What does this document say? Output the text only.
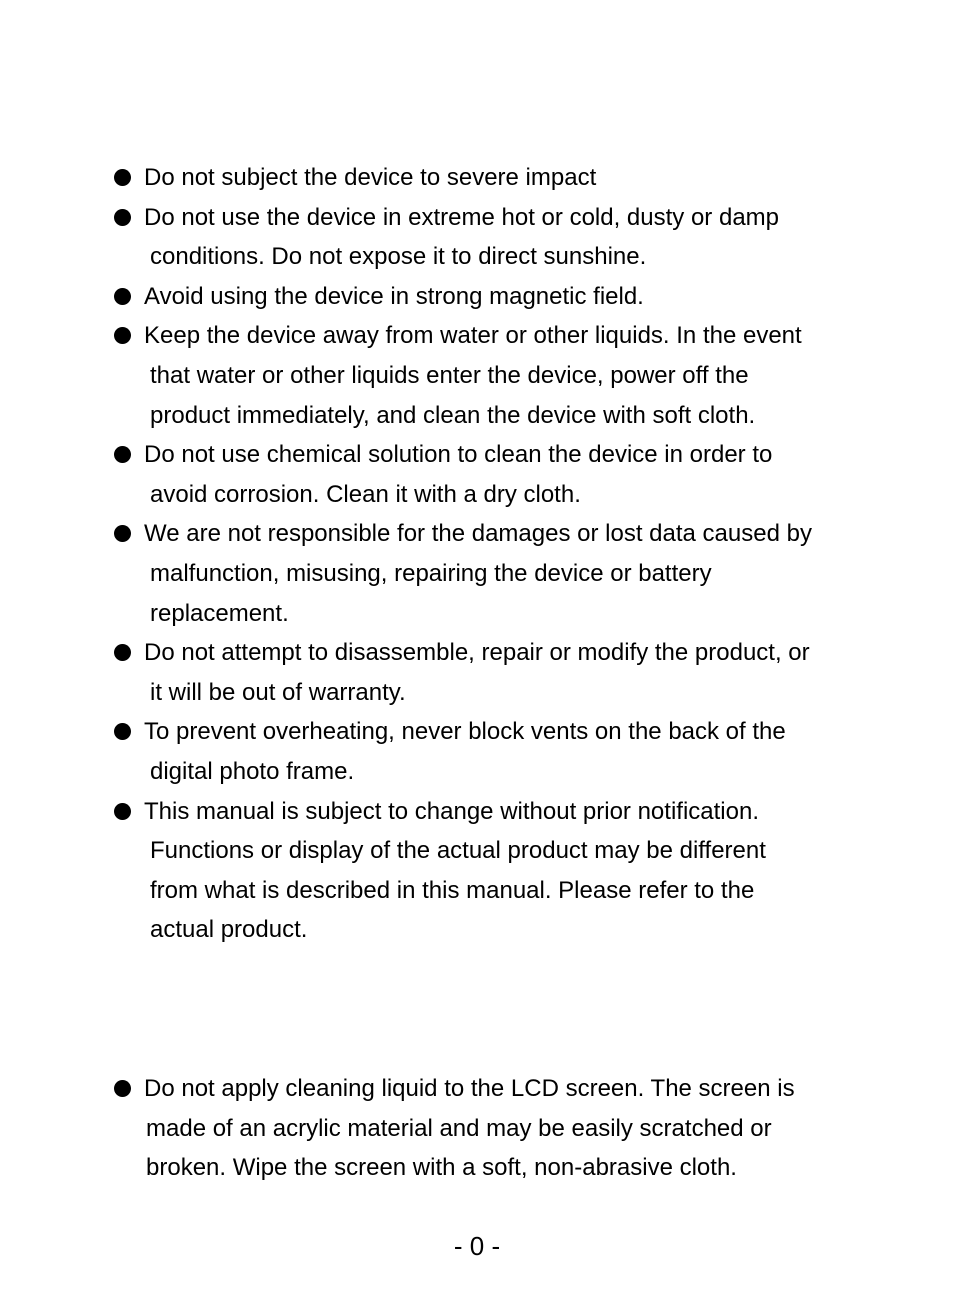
Do not subject the device to severe impact
Do not use the device in extreme hot or cold, dusty or damp
conditions. Do not expose it to direct sunshine.
Avoid using the device in strong magnetic field.
Keep the device away from water or other liquids. In the event
that water or other liquids enter the device, power off the
product immediately, and clean the device with soft cloth.
Do not use chemical solution to clean the device in order to
avoid corrosion. Clean it with a dry cloth.
We are not responsible for the damages or lost data caused by
malfunction, misusing, repairing the device or battery
replacement.
Do not attempt to disassemble, repair or modify the product, or
it will be out of warranty.
To prevent overheating, never block vents on the back of the
digital photo frame.
This manual is subject to change without prior notification.
Functions or display of the actual product may be different
from what is described in this manual. Please refer to the
actual product.
Do not apply cleaning liquid to the LCD screen. The screen is
made of an acrylic material and may be easily scratched or
broken. Wipe the screen with a soft, non-abrasive cloth.
- 0 -
